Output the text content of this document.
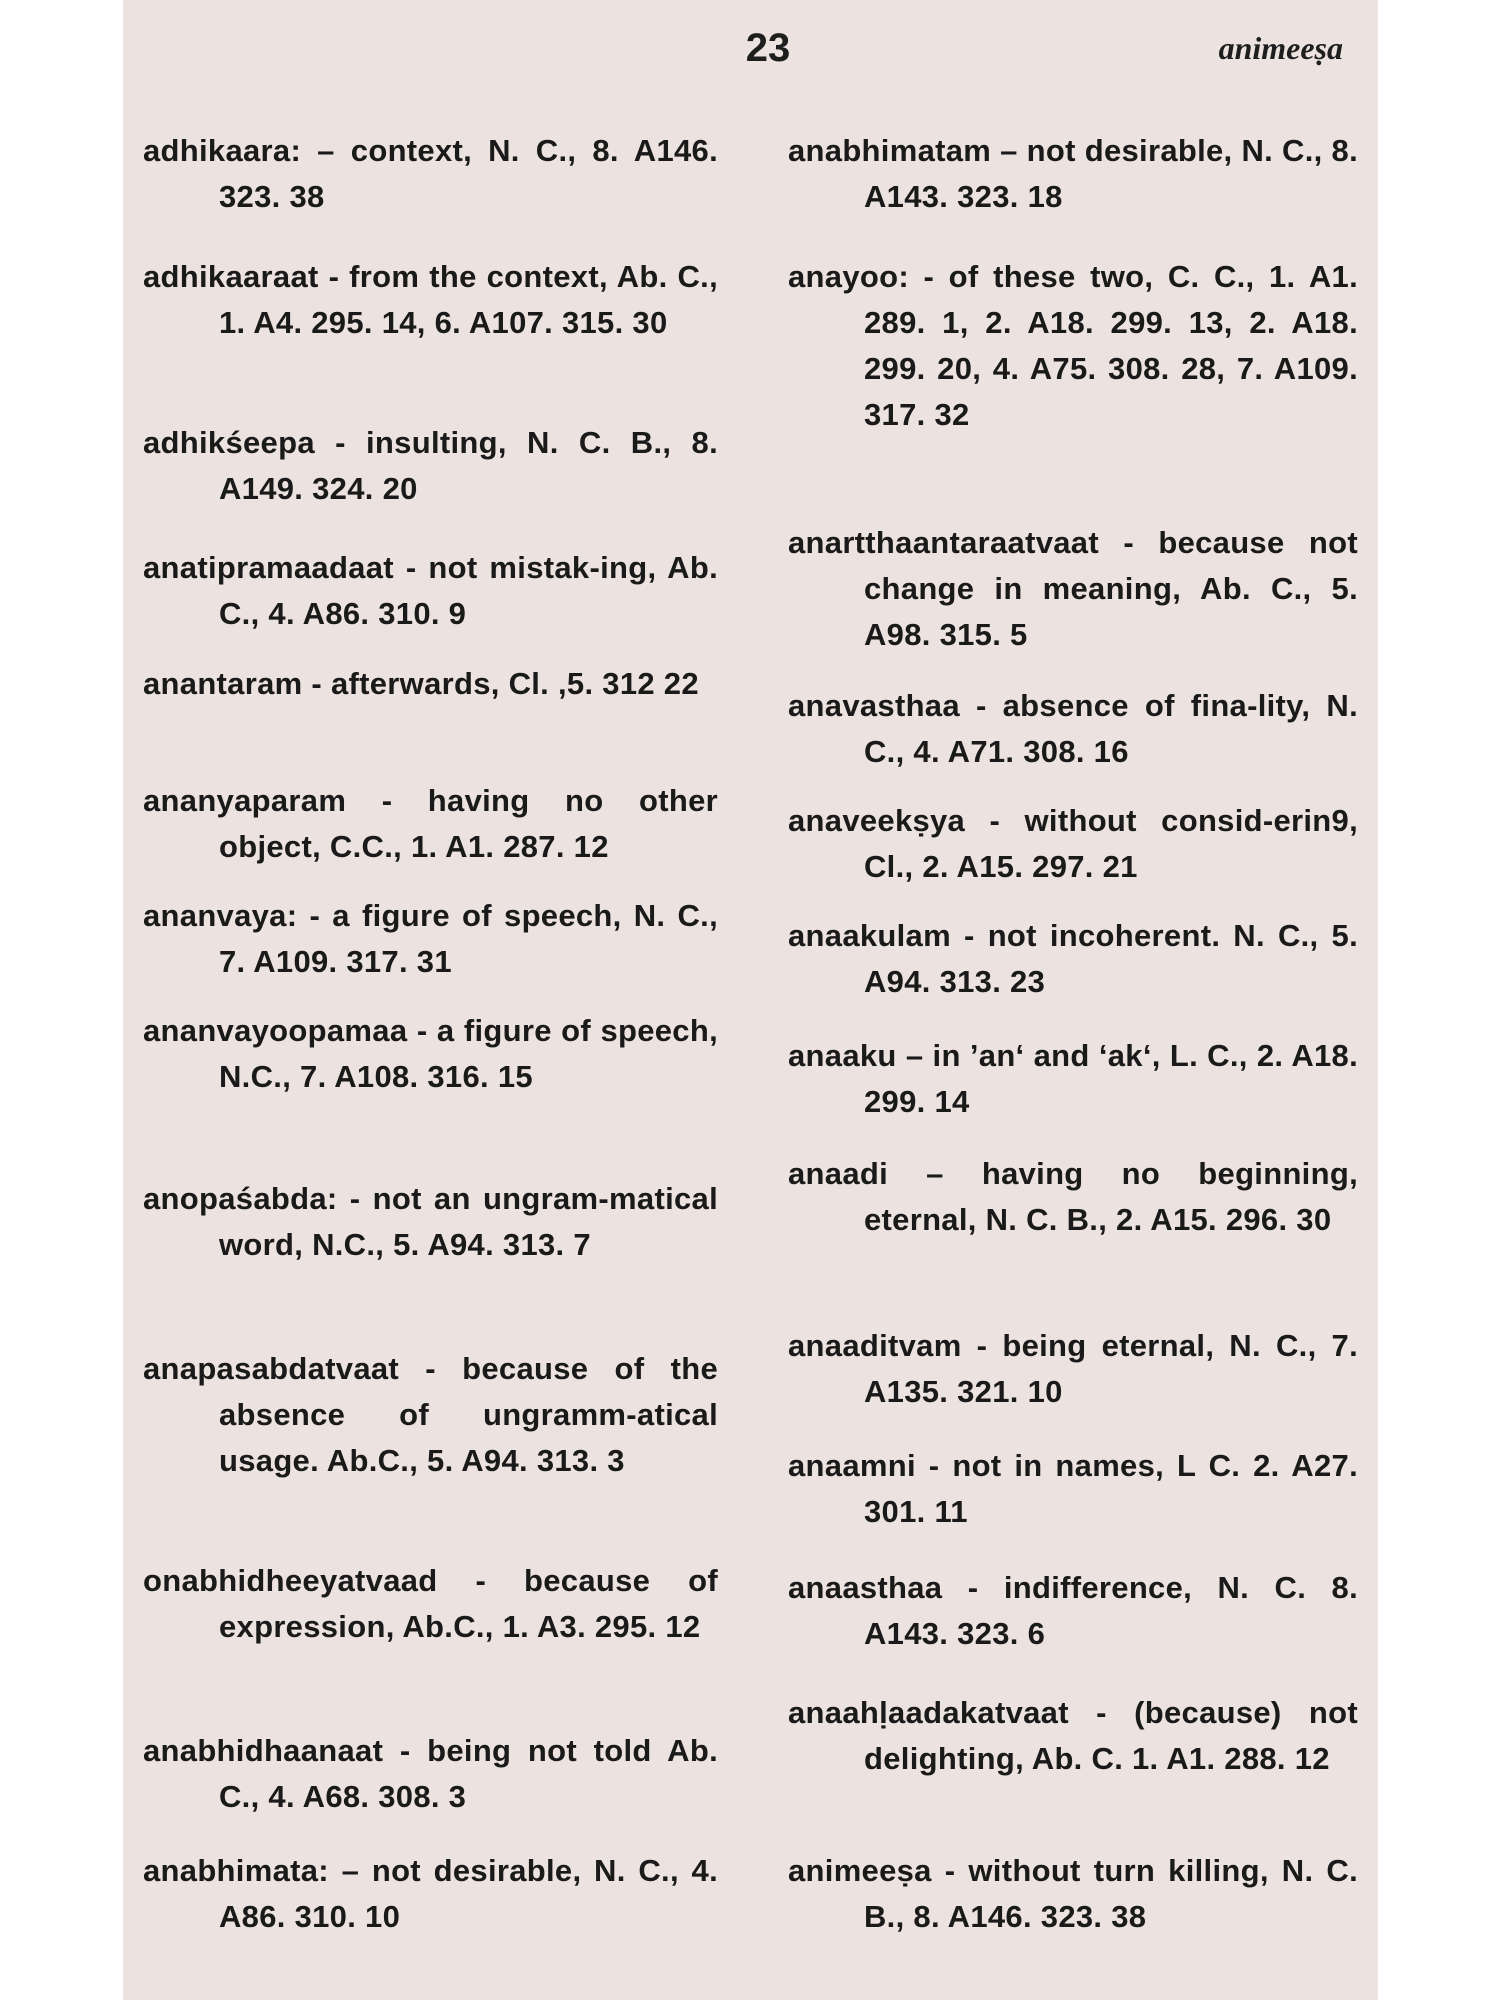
23	animeeṣa
adhikaara: – context, N. C., 8. A146. 323. 38
adhikaaraat - from the context, Ab. C., 1. A4. 295. 14, 6. A107. 315. 30
adhikśeepa - insulting, N. C. B., 8. A149. 324. 20
anatipramaadaat - not mistak-ing, Ab. C., 4. A86. 310. 9
anantaram - afterwards, Cl. ,5. 312 22
ananyaparam - having no other object, C.C., 1. A1. 287. 12
ananvaya: - a figure of speech, N. C., 7. A109. 317. 31
ananvayoopamaa - a figure of speech, N.C., 7. A108. 316. 15
anopaśabda: - not an ungram-matical word, N.C., 5. A94. 313. 7
anapasabdatvaat - because of the absence of ungramm-atical usage. Ab.C., 5. A94. 313. 3
onabhidheeyatvaad - because of expression, Ab.C., 1. A3. 295. 12
anabhidhaanaat - being not told Ab. C., 4. A68. 308. 3
anabhimata: – not desirable, N. C., 4. A86. 310. 10
anabhimatam – not desirable, N. C., 8. A143. 323. 18
anayoo: - of these two, C. C., 1. A1. 289. 1, 2. A18. 299. 13, 2. A18. 299. 20, 4. A75. 308. 28, 7. A109. 317. 32
anartthaantaraatvaat - because not change in meaning, Ab. C., 5. A98. 315. 5
anavasthaa - absence of fina-lity, N. C., 4. A71. 308. 16
anaveekṣya - without consid-erin9, Cl., 2. A15. 297. 21
anaakulam - not incoherent. N. C., 5. A94. 313. 23
anaaku – in ’an‘ and ‘ak‘, L. C., 2. A18. 299. 14
anaadi – having no beginning, eternal, N. C. B., 2. A15. 296. 30
anaaditvam - being eternal, N. C., 7. A135. 321. 10
anaamni - not in names, L C. 2. A27. 301. 11
anaasthaa - indifference, N. C. 8. A143. 323. 6
anaahḷaadakatvaat - (because) not delighting, Ab. C. 1. A1. 288. 12
animeeṣa - without turn killing, N. C. B., 8. A146. 323. 38
